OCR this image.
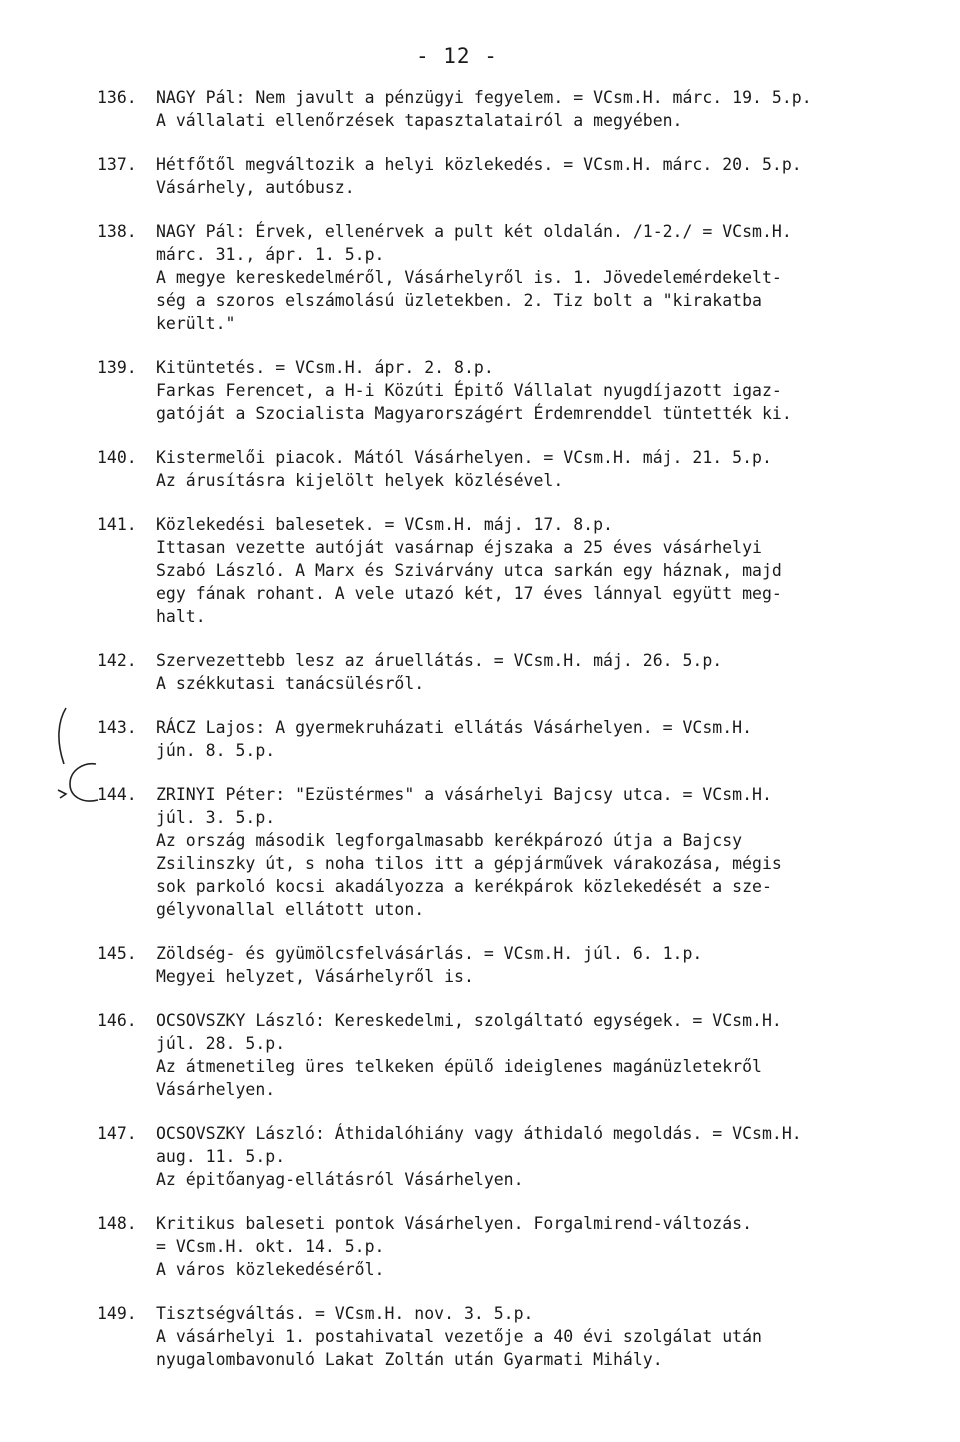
- 12 -
136. NAGY Pál: Nem javult a pénzügyi fegyelem. = VCsm.H. márc. 19. 5.p.
A vállalati ellenőrzések tapasztalatairól a megyében.
137. Hétfőtől megváltozik a helyi közlekedés. = VCsm.H. márc. 20. 5.p.
Vásárhely, autóbusz.
138. NAGY Pál: Érvek, ellenérvek a pult két oldalán. /1-2./ = VCsm.H.
márc. 31., ápr. 1. 5.p.
A megye kereskedelméről, Vásárhelyről is. 1. Jövedelemérdekelt-
ség a szoros elszámolású üzletekben. 2. Tiz bolt a "kirakatba
került."
139. Kitüntetés. = VCsm.H. ápr. 2. 8.p.
Farkas Ferencet, a H-i Közúti Épitő Vállalat nyugdíjazott igaz-
gatóját a Szocialista Magyarországért Érdemrenddel tüntették ki.
140. Kistermelői piacok. Mától Vásárhelyen. = VCsm.H. máj. 21. 5.p.
Az árusításra kijelölt helyek közlésével.
141. Közlekedési balesetek. = VCsm.H. máj. 17. 8.p.
Ittasan vezette autóját vasárnap éjszaka a 25 éves vásárhelyi
Szabó László. A Marx és Szivárvány utca sarkán egy háznak, majd
egy fának rohant. A vele utazó két, 17 éves lánnyal együtt meg-
halt.
142. Szervezettebb lesz az áruellátás. = VCsm.H. máj. 26. 5.p.
A székkutasi tanácsülésről.
143. RÁCZ Lajos: A gyermekruházati ellátás Vásárhelyen. = VCsm.H.
jún. 8. 5.p.
144. ZRINYI Péter: "Ezüstérmes" a vásárhelyi Bajcsy utca. = VCsm.H.
júl. 3. 5.p.
Az ország második legforgalmasabb kerékpározó útja a Bajcsy
Zsilinszky út, s noha tilos itt a gépjárművek várakozása, mégis
sok parkoló kocsi akadályozza a kerékpárok közlekedését a sze-
gélyvonallal ellátott uton.
145. Zöldség- és gyümölcsfelvásárlás. = VCsm.H. júl. 6. 1.p.
Megyei helyzet, Vásárhelyről is.
146. OCSOVSZKY László: Kereskedelmi, szolgáltató egységek. = VCsm.H.
júl. 28. 5.p.
Az átmenetileg üres telkeken épülő ideiglenes magánüzletekről
Vásárhelyen.
147. OCSOVSZKY László: Áthidalóhiány vagy áthidaló megoldás. = VCsm.H.
aug. 11. 5.p.
Az épitőanyag-ellátásról Vásárhelyen.
148. Kritikus baleseti pontok Vásárhelyen. Forgalmirend-változás.
= VCsm.H. okt. 14. 5.p.
A város közlekedéséről.
149. Tisztségváltás. = VCsm.H. nov. 3. 5.p.
A vásárhelyi 1. postahivatal vezetője a 40 évi szolgálat után
nyugalombavonuló Lakat Zoltán után Gyarmati Mihály.
